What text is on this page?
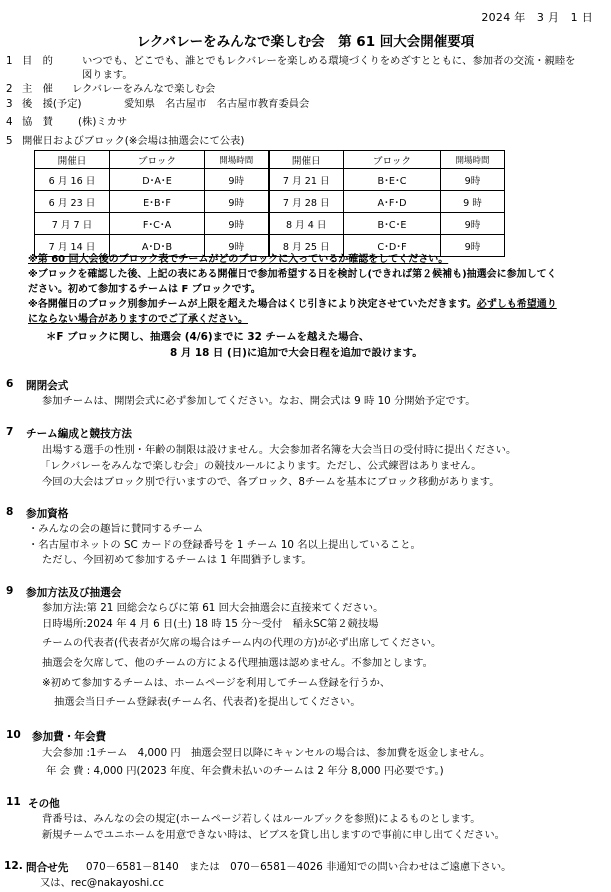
2024 年　3 月　1 日
レクバレーをみんなで楽しむ会　第 61 回大会開催要項
1 目　的	いつでも、どこでも、誰とでもレクバレーを楽しめる環境づくりをめざすとともに、参加者の交流・親睦を
図ります。
2 主　催 レクバレーをみんなで楽しむ会
3 後　援(予定)	愛知県　名古屋市　名古屋市教育委員会
4 協　賛 (株)ミカサ
5 開催日およびブロック(※会場は抽選会にて公表)
開催日	ブロック	開場時間	開催日	ブロック	開場時間
6 月 16 日	D･A･E	9時	7 月 21 日	B･E･C	9時
6 月 23 日	E･B･F	9時	7 月 28 日	A･F･D	9 時
7 月 7 日	F･C･A	9時	8 月 4 日	B･C･E	9時
7 月 14 日	A･D･B	9時	8 月 25 日	C･D･F	9時
※第 60 回大会後のブロック表でチームがどのブロックに入っているか確認をしてください。
※ブロックを確認した後、上記の表にある開催日で参加希望する日を検討し(できれば第２候補も)抽選会に参加してく
ださい。初めて参加するチームは F ブロックです。
※各開催日のブロック別参加チームが上限を超えた場合はくじ引きにより決定させていただきます。必ずしも希望通り
にならない場合がありますのでご了承ください。
＊F ブロックに関し、抽選会 (4/6)までに 32 チームを越えた場合、
8 月 18 日 (日)に追加で大会日程を追加で設けます。
6 開閉会式
参加チームは、開閉会式に必ず参加してください。なお、開会式は 9 時 10 分開始予定です。
7 チーム編成と競技方法
出場する選手の性別・年齢の制限は設けません。大会参加者名簿を大会当日の受付時に提出ください。
「レクバレーをみんなで楽しむ会」の競技ルールによります。ただし、公式練習はありません。
今回の大会はブロック別で行いますので、各ブロック、8チームを基本にブロック移動があります。
8 参加資格
・みんなの会の趣旨に賛同するチーム
・名古屋市ネットの SC カードの登録番号を 1 チーム 10 名以上提出していること。
ただし、今回初めて参加するチームは 1 年間猶予します。
9 参加方法及び抽選会
参加方法:第 21 回総会ならびに第 61 回大会抽選会に直接来てください。
日時場所:2024 年 4 月 6 日(土) 18 時 15 分～受付　稲永SC第２競技場
チームの代表者(代表者が欠席の場合はチーム内の代理の方)が必ず出席してください。
抽選会を欠席して、他のチームの方による代理抽選は認めません。不参加とします。
※初めて参加するチームは、ホームページを利用してチーム登録を行うか、
抽選会当日チーム登録表(チーム名、代表者)を提出してください。
10 参加費・年会費
大会参加 :1チーム　4,000 円　抽選会翌日以降にキャンセルの場合は、参加費を返金しません。
年 会 費 : 4,000 円(2023 年度、年会費未払いのチームは 2 年分 8,000 円必要です。)
11 その他
背番号は、みんなの会の規定(ホームページ若しくはルールブックを参照)によるものとします。
新規チームでユニホームを用意できない時は、ビブスを貸し出しますので事前に申し出てください。
12. 問合せ先 070－6581－8140　または　070－6581－4026 非通知での問い合わせはご遠慮下さい。
又は、rec@nakayoshi.cc
